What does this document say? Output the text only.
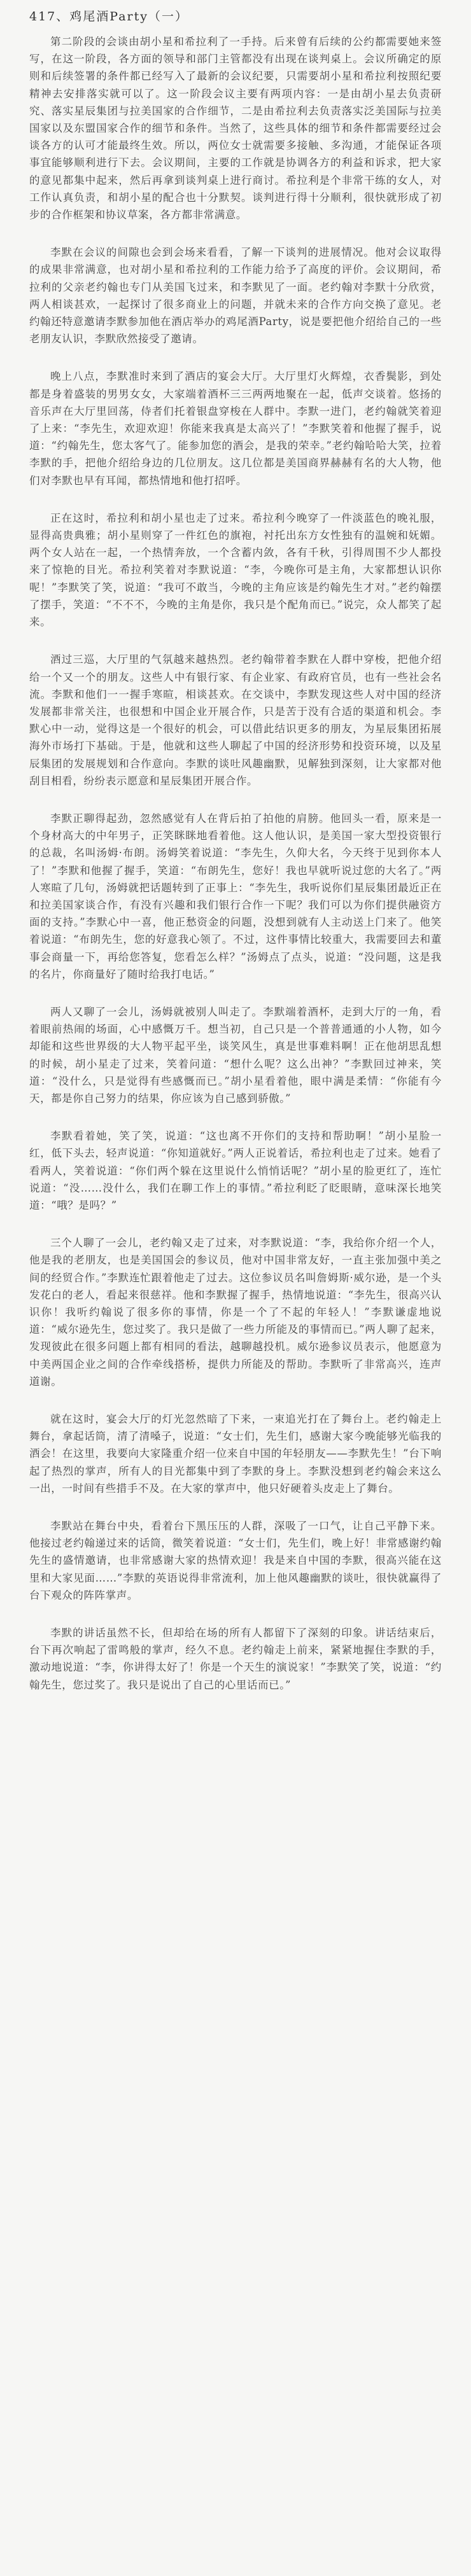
417、鸡尾酒Party（一）

第二阶段的会谈由胡小星和希拉利了一手持。后来曾有后续的公约都需要她来签写，在这一阶段，各方面的领导和部门主管都没有出现在谈判桌上。会议所确定的原则和后续签署的条件都已经写入了最新的会议纪要，只需要胡小星和希拉利按照纪要精神去安排落实就可以了。这一阶段会议主要有两项内容：一是由胡小星去负责研究、落实星辰集团与拉美国家的合作细节，二是由希拉利去负责落实泛美国际与拉美国家以及东盟国家合作的细节和条件。当然了，这些具体的细节和条件都需要经过会谈各方的认可才能最终生效。所以，两位女士就需要多接触、多沟通，才能保证各项事宜能够顺利进行下去。会议期间，主要的工作就是协调各方的利益和诉求，把大家的意见都集中起来，然后再拿到谈判桌上进行商讨。希拉利是个非常干练的女人，对工作认真负责，和胡小星的配合也十分默契。谈判进行得十分顺利，很快就形成了初步的合作框架和协议草案，各方都非常满意。

李默在会议的间隙也会到会场来看看，了解一下谈判的进展情况。他对会议取得的成果非常满意，也对胡小星和希拉利的工作能力给予了高度的评价。会议期间，希拉利的父亲老约翰也专门从美国飞过来，和李默见了一面。老约翰对李默十分欣赏，两人相谈甚欢，一起探讨了很多商业上的问题，并就未来的合作方向交换了意见。老约翰还特意邀请李默参加他在酒店举办的鸡尾酒Party，说是要把他介绍给自己的一些老朋友认识，李默欣然接受了邀请。

晚上八点，李默准时来到了酒店的宴会大厅。大厅里灯火辉煌，衣香鬓影，到处都是身着盛装的男男女女，大家端着酒杯三三两两地聚在一起，低声交谈着。悠扬的音乐声在大厅里回荡，侍者们托着银盘穿梭在人群中。李默一进门，老约翰就笑着迎了上来：“李先生，欢迎欢迎！你能来我真是太高兴了！”李默笑着和他握了握手，说道：“约翰先生，您太客气了。能参加您的酒会，是我的荣幸。”老约翰哈哈大笑，拉着李默的手，把他介绍给身边的几位朋友。这几位都是美国商界赫赫有名的大人物，他们对李默也早有耳闻，都热情地和他打招呼。

正在这时，希拉利和胡小星也走了过来。希拉利今晚穿了一件淡蓝色的晚礼服，显得高贵典雅；胡小星则穿了一件红色的旗袍，衬托出东方女性独有的温婉和妩媚。两个女人站在一起，一个热情奔放，一个含蓄内敛，各有千秋，引得周围不少人都投来了惊艳的目光。希拉利笑着对李默说道：“李，今晚你可是主角，大家都想认识你呢！”李默笑了笑，说道：“我可不敢当，今晚的主角应该是约翰先生才对。”老约翰摆了摆手，笑道：“不不不，今晚的主角是你，我只是个配角而已。”说完，众人都笑了起来。

酒过三巡，大厅里的气氛越来越热烈。老约翰带着李默在人群中穿梭，把他介绍给一个又一个的朋友。这些人中有银行家、有企业家、有政府官员，也有一些社会名流。李默和他们一一握手寒暄，相谈甚欢。在交谈中，李默发现这些人对中国的经济发展都非常关注，也很想和中国企业开展合作，只是苦于没有合适的渠道和机会。李默心中一动，觉得这是一个很好的机会，可以借此结识更多的朋友，为星辰集团拓展海外市场打下基础。于是，他就和这些人聊起了中国的经济形势和投资环境，以及星辰集团的发展规划和合作意向。李默的谈吐风趣幽默，见解独到深刻，让大家都对他刮目相看，纷纷表示愿意和星辰集团开展合作。

李默正聊得起劲，忽然感觉有人在背后拍了拍他的肩膀。他回头一看，原来是一个身材高大的中年男子，正笑眯眯地看着他。这人他认识，是美国一家大型投资银行的总裁，名叫汤姆·布朗。汤姆笑着说道：“李先生，久仰大名，今天终于见到你本人了！”李默和他握了握手，笑道：“布朗先生，您好！我也早就听说过您的大名了。”两人寒暄了几句，汤姆就把话题转到了正事上：“李先生，我听说你们星辰集团最近正在和拉美国家谈合作，有没有兴趣和我们银行合作一下呢？我们可以为你们提供融资方面的支持。”李默心中一喜，他正愁资金的问题，没想到就有人主动送上门来了。他笑着说道：“布朗先生，您的好意我心领了。不过，这件事情比较重大，我需要回去和董事会商量一下，再给您答复，您看怎么样？”汤姆点了点头，说道：“没问题，这是我的名片，你商量好了随时给我打电话。”

两人又聊了一会儿，汤姆就被别人叫走了。李默端着酒杯，走到大厅的一角，看着眼前热闹的场面，心中感慨万千。想当初，自己只是一个普普通通的小人物，如今却能和这些世界级的大人物平起平坐，谈笑风生，真是世事难料啊！正在他胡思乱想的时候，胡小星走了过来，笑着问道：“想什么呢？这么出神？”李默回过神来，笑道：“没什么，只是觉得有些感慨而已。”胡小星看着他，眼中满是柔情：“你能有今天，都是你自己努力的结果，你应该为自己感到骄傲。”

李默看着她，笑了笑，说道：“这也离不开你们的支持和帮助啊！”胡小星脸一红，低下头去，轻声说道：“你知道就好。”两人正说着话，希拉利也走了过来。她看了看两人，笑着说道：“你们两个躲在这里说什么悄悄话呢？”胡小星的脸更红了，连忙说道：“没……没什么，我们在聊工作上的事情。”希拉利眨了眨眼睛，意味深长地笑道：“哦？是吗？”

三个人聊了一会儿，老约翰又走了过来，对李默说道：“李，我给你介绍一个人，他是我的老朋友，也是美国国会的参议员，他对中国非常友好，一直主张加强中美之间的经贸合作。”李默连忙跟着他走了过去。这位参议员名叫詹姆斯·威尔逊，是一个头发花白的老人，看起来很慈祥。他和李默握了握手，热情地说道：“李先生，很高兴认识你！我听约翰说了很多你的事情，你是一个了不起的年轻人！”李默谦虚地说道：“威尔逊先生，您过奖了。我只是做了一些力所能及的事情而已。”两人聊了起来，发现彼此在很多问题上都有相同的看法，越聊越投机。威尔逊参议员表示，他愿意为中美两国企业之间的合作牵线搭桥，提供力所能及的帮助。李默听了非常高兴，连声道谢。

就在这时，宴会大厅的灯光忽然暗了下来，一束追光打在了舞台上。老约翰走上舞台，拿起话筒，清了清嗓子，说道：“女士们，先生们，感谢大家今晚能够光临我的酒会！在这里，我要向大家隆重介绍一位来自中国的年轻朋友——李默先生！”台下响起了热烈的掌声，所有人的目光都集中到了李默的身上。李默没想到老约翰会来这么一出，一时间有些措手不及。在大家的掌声中，他只好硬着头皮走上了舞台。

李默站在舞台中央，看着台下黑压压的人群，深吸了一口气，让自己平静下来。他接过老约翰递过来的话筒，微笑着说道：“女士们，先生们，晚上好！非常感谢约翰先生的盛情邀请，也非常感谢大家的热情欢迎！我是来自中国的李默，很高兴能在这里和大家见面……”李默的英语说得非常流利，加上他风趣幽默的谈吐，很快就赢得了台下观众的阵阵掌声。

李默的讲话虽然不长，但却给在场的所有人都留下了深刻的印象。讲话结束后，台下再次响起了雷鸣般的掌声，经久不息。老约翰走上前来，紧紧地握住李默的手，激动地说道：“李，你讲得太好了！你是一个天生的演说家！”李默笑了笑，说道：“约翰先生，您过奖了。我只是说出了自己的心里话而已。”
